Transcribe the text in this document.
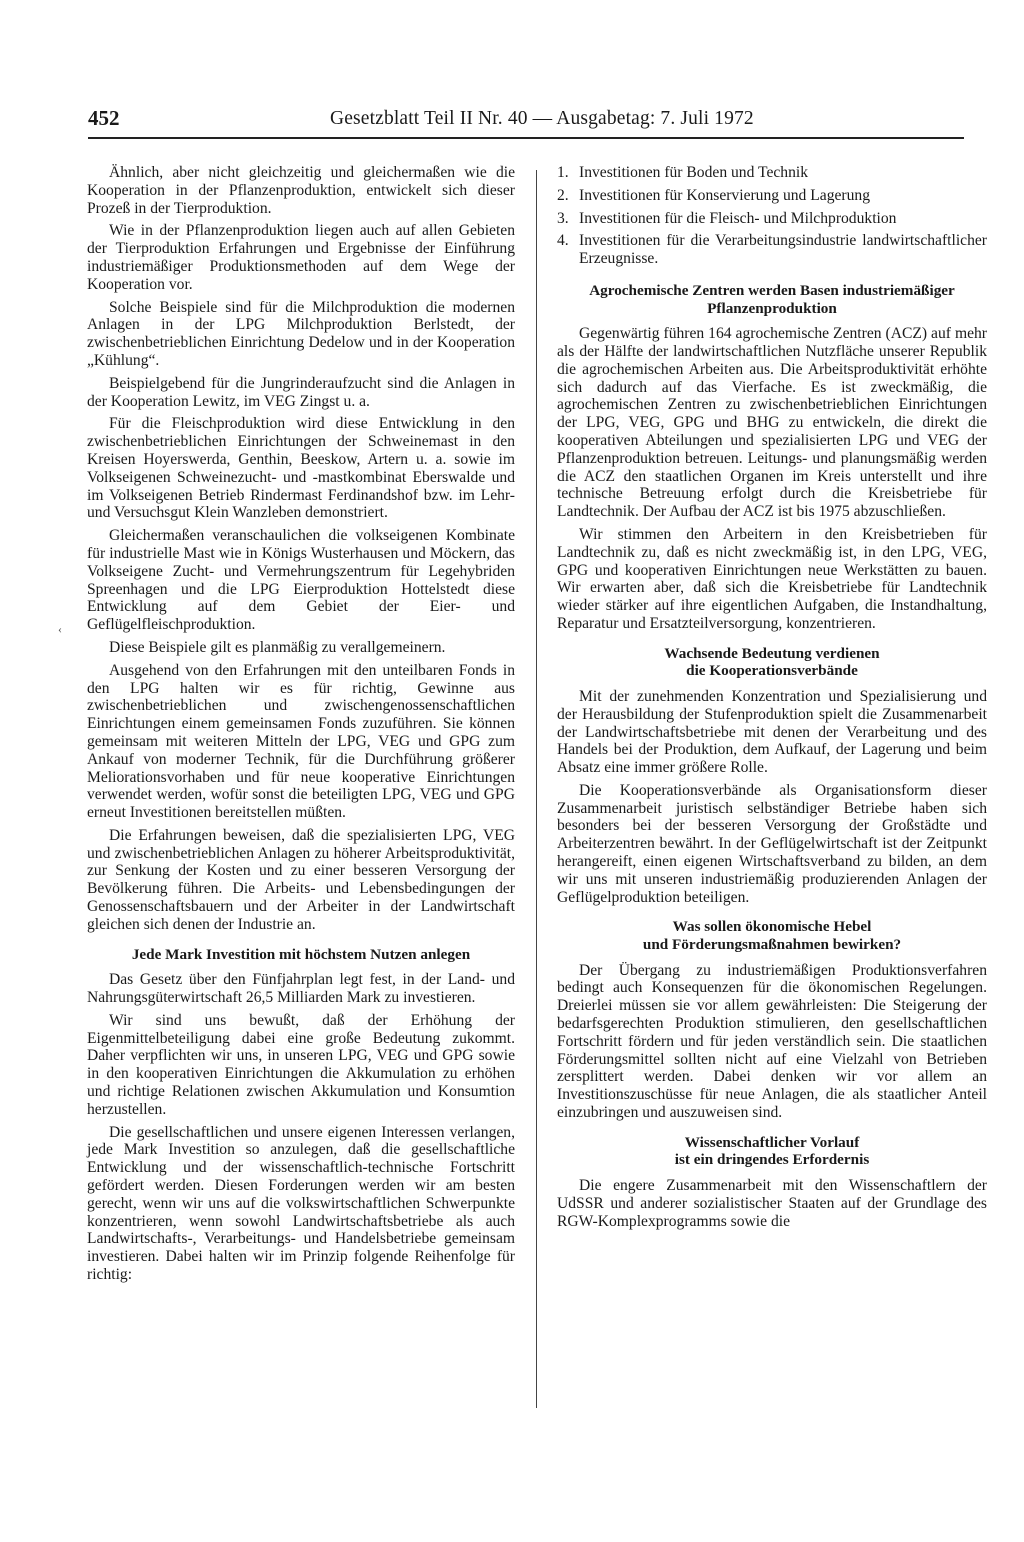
452	Gesetzblatt Teil II Nr. 40 — Ausgabetag: 7. Juli 1972
‹

Ähnlich, aber nicht gleichzeitig und gleichermaßen wie die Kooperation in der Pflanzenproduktion, entwickelt sich dieser Prozeß in der Tierproduktion.

Wie in der Pflanzenproduktion liegen auch auf allen Gebieten der Tierproduktion Erfahrungen und Ergebnisse der Einführung industriemäßiger Produktionsmethoden auf dem Wege der Kooperation vor.

Solche Beispiele sind für die Milchproduktion die modernen Anlagen in der LPG Milchproduktion Berlstedt, der zwischenbetrieblichen Einrichtung Dedelow und in der Kooperation „Kühlung“.

Beispielgebend für die Jungrinderaufzucht sind die Anlagen in der Kooperation Lewitz, im VEG Zingst u. a.

Für die Fleischproduktion wird diese Entwicklung in den zwischenbetrieblichen Einrichtungen der Schweinemast in den Kreisen Hoyerswerda, Genthin, Beeskow, Artern u. a. sowie im Volkseigenen Schweinezucht- und -mastkombinat Eberswalde und im Volkseigenen Betrieb Rindermast Ferdinandshof bzw. im Lehr- und Versuchsgut Klein Wanzleben demonstriert.

Gleichermaßen veranschaulichen die volkseigenen Kombinate für industrielle Mast wie in Königs Wusterhausen und Möckern, das Volkseigene Zucht- und Vermehrungszentrum für Legehybriden Spreenhagen und die LPG Eierproduktion Hottelstedt diese Entwicklung auf dem Gebiet der Eier- und Geflügelfleischproduktion.

Diese Beispiele gilt es planmäßig zu verallgemeinern.

Ausgehend von den Erfahrungen mit den unteilbaren Fonds in den LPG halten wir es für richtig, Gewinne aus zwischenbetrieblichen und zwischengenossenschaftlichen Einrichtungen einem gemeinsamen Fonds zuzuführen. Sie können gemeinsam mit weiteren Mitteln der LPG, VEG und GPG zum Ankauf von moderner Technik, für die Durchführung größerer Meliorationsvorhaben und für neue kooperative Einrichtungen verwendet werden, wofür sonst die beteiligten LPG, VEG und GPG erneut Investitionen bereitstellen müßten.

Die Erfahrungen beweisen, daß die spezialisierten LPG, VEG und zwischenbetrieblichen Anlagen zu höherer Arbeitsproduktivität, zur Senkung der Kosten und zu einer besseren Versorgung der Bevölkerung führen. Die Arbeits- und Lebensbedingungen der Genossenschaftsbauern und der Arbeiter in der Landwirtschaft gleichen sich denen der Industrie an.

Jede Mark Investition mit höchstem Nutzen anlegen

Das Gesetz über den Fünfjahrplan legt fest, in der Land- und Nahrungsgüterwirtschaft 26,5 Milliarden Mark zu investieren.

Wir sind uns bewußt, daß der Erhöhung der Eigenmittelbeteiligung dabei eine große Bedeutung zukommt. Daher verpflichten wir uns, in unseren LPG, VEG und GPG sowie in den kooperativen Einrichtungen die Akkumulation zu erhöhen und richtige Relationen zwischen Akkumulation und Konsumtion herzustellen.

Die gesellschaftlichen und unsere eigenen Interessen verlangen, jede Mark Investition so anzulegen, daß die gesellschaftliche Entwicklung und der wissenschaftlich-technische Fortschritt gefördert werden. Diesen Forderungen werden wir am besten gerecht, wenn wir uns auf die volkswirtschaftlichen Schwerpunkte konzentrieren, wenn sowohl Landwirtschaftsbetriebe als auch Landwirtschafts-, Verarbeitungs- und Handelsbetriebe gemeinsam investieren. Dabei halten wir im Prinzip folgende Reihenfolge für richtig:

1. Investitionen für Boden und Technik
2. Investitionen für Konservierung und Lagerung
3. Investitionen für die Fleisch- und Milchproduktion
4. Investitionen für die Verarbeitungsindustrie landwirtschaftlicher Erzeugnisse.
Agrochemische Zentren werden Basen industriemäßiger
Pflanzenproduktion

Gegenwärtig führen 164 agrochemische Zentren (ACZ) auf mehr als der Hälfte der landwirtschaftlichen Nutzfläche unserer Republik die agrochemischen Arbeiten aus. Die Arbeitsproduktivität erhöhte sich dadurch auf das Vierfache. Es ist zweckmäßig, die agrochemischen Zentren zu zwischenbetrieblichen Einrichtungen der LPG, VEG, GPG und BHG zu entwickeln, die direkt die kooperativen Abteilungen und spezialisierten LPG und VEG der Pflanzenproduktion betreuen. Leitungs- und planungsmäßig werden die ACZ den staatlichen Organen im Kreis unterstellt und ihre technische Betreuung erfolgt durch die Kreisbetriebe für Landtechnik. Der Aufbau der ACZ ist bis 1975 abzuschließen.

Wir stimmen den Arbeitern in den Kreisbetrieben für Landtechnik zu, daß es nicht zweckmäßig ist, in den LPG, VEG, GPG und kooperativen Einrichtungen neue Werkstätten zu bauen. Wir erwarten aber, daß sich die Kreisbetriebe für Landtechnik wieder stärker auf ihre eigentlichen Aufgaben, die Instandhaltung, Reparatur und Ersatzteilversorgung, konzentrieren.

Wachsende Bedeutung verdienen
die Kooperationsverbände

Mit der zunehmenden Konzentration und Spezialisierung und der Herausbildung der Stufenproduktion spielt die Zusammenarbeit der Landwirtschaftsbetriebe mit denen der Verarbeitung und des Handels bei der Produktion, dem Aufkauf, der Lagerung und beim Absatz eine immer größere Rolle.

Die Kooperationsverbände als Organisationsform dieser Zusammenarbeit juristisch selbständiger Betriebe haben sich besonders bei der besseren Versorgung der Großstädte und Arbeiterzentren bewährt. In der Geflügelwirtschaft ist der Zeitpunkt herangereift, einen eigenen Wirtschaftsverband zu bilden, an dem wir uns mit unseren industriemäßig produzierenden Anlagen der Geflügelproduktion beteiligen.

Was sollen ökonomische Hebel
und Förderungsmaßnahmen bewirken?

Der Übergang zu industriemäßigen Produktionsverfahren bedingt auch Konsequenzen für die ökonomischen Regelungen. Dreierlei müssen sie vor allem gewährleisten: Die Steigerung der bedarfsgerechten Produktion stimulieren, den gesellschaftlichen Fortschritt fördern und für jeden verständlich sein. Die staatlichen Förderungsmittel sollten nicht auf eine Vielzahl von Betrieben zersplittert werden. Dabei denken wir vor allem an Investitionszuschüsse für neue Anlagen, die als staatlicher Anteil einzubringen und auszuweisen sind.

Wissenschaftlicher Vorlauf
ist ein dringendes Erfordernis

Die engere Zusammenarbeit mit den Wissenschaftlern der UdSSR und anderer sozialistischer Staaten auf der Grundlage des RGW-Komplexprogramms sowie die
